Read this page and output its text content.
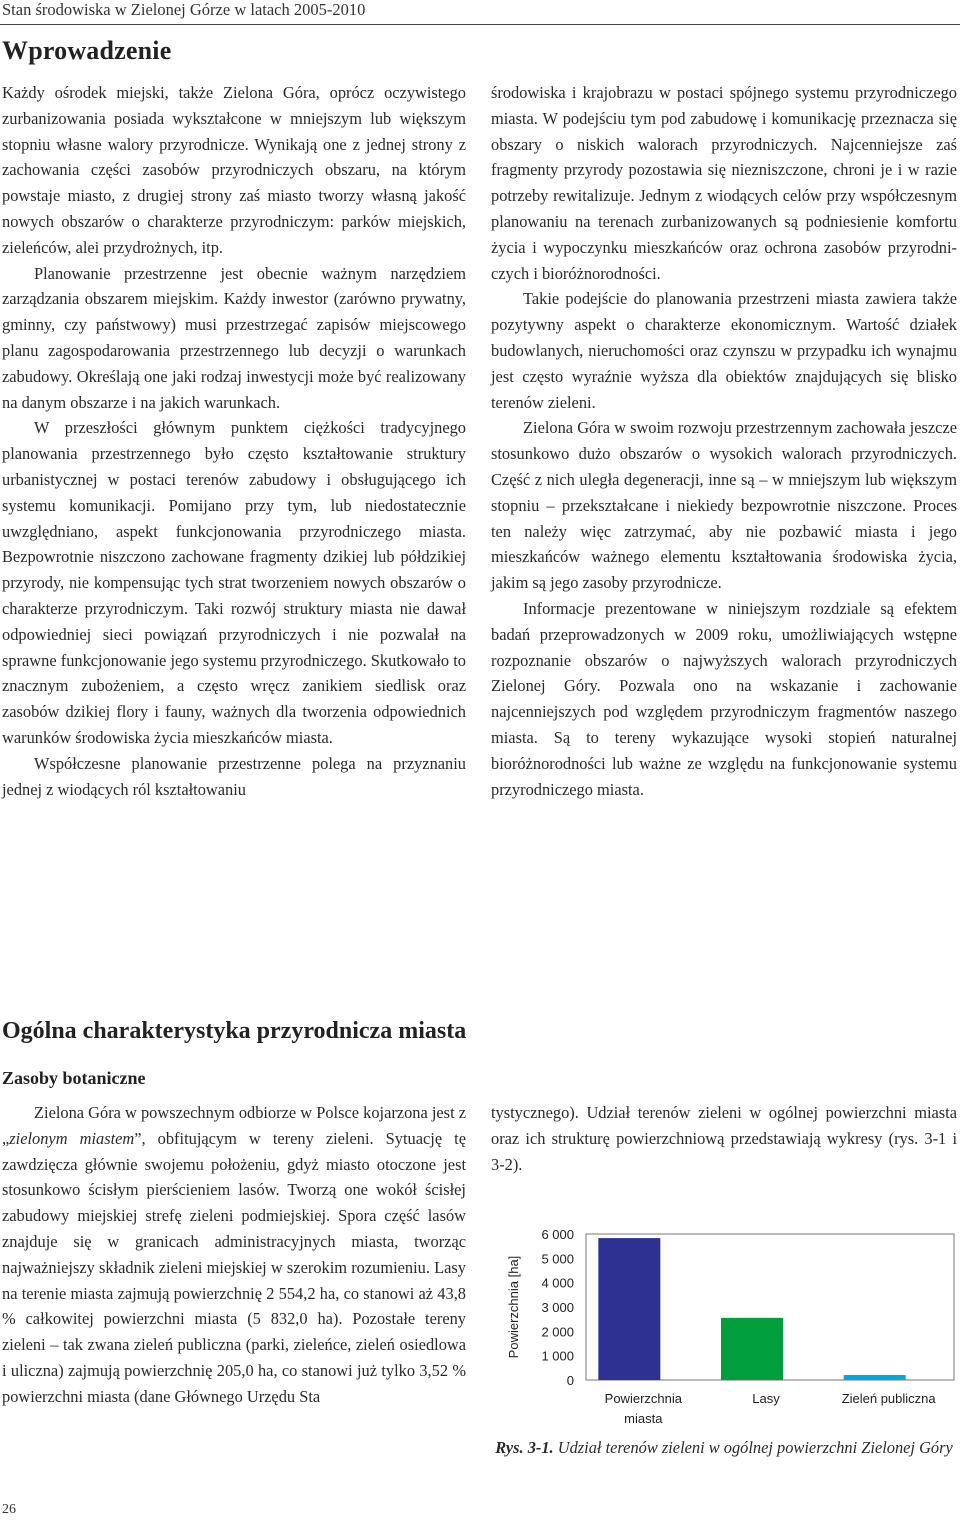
Stan środowiska w Zielonej Górze w latach 2005-2010
Wprowadzenie

Każdy ośrodek miejski, także Zielona Góra, oprócz oczywistego zurbanizowania posiada wykształcone w mniejszym lub większym stopniu własne walory przyrodnicze. Wynikają one z jednej strony z zachowania części zasobów przyrodniczych obszaru, na którym powstaje miasto, z drugiej strony zaś miasto tworzy własną jakość nowych obszarów o charakterze przyrodniczym: parków miejskich, zieleńców, alei przydrożnych, itp.

Planowanie przestrzenne jest obecnie ważnym narzędziem zarządzania obszarem miejskim. Każdy inwestor (zarówno prywatny, gminny, czy państwowy) musi przestrzegać zapisów miejscowego planu zagospodarowania przestrzennego lub decyzji o warunkach zabudowy. Określają one jaki rodzaj inwestycji może być realizowany na danym obszarze i na jakich warunkach.

W przeszłości głównym punktem ciężkości tradycyjnego planowania przestrzennego było często kształtowanie struktury urbanistycznej w postaci terenów zabudowy i obsługującego ich systemu komunikacji. Pomijano przy tym, lub niedostatecznie uwzględniano, aspekt funkcjonowania przyrodniczego miasta. Bezpowrotnie niszczono zachowane fragmenty dzikiej lub półdzikiej przyrody, nie kompensując tych strat tworzeniem nowych obszarów o charakterze przyrodniczym. Taki rozwój struktury miasta nie dawał odpowiedniej sieci powiązań przyrodniczych i nie pozwalał na sprawne funkcjonowanie jego systemu przyrodniczego. Skutkowało to znacznym zubożeniem, a często wręcz zanikiem siedlisk oraz zasobów dzikiej flory i fauny, ważnych dla tworzenia odpowiednich warunków środowiska życia mieszkańców miasta.

Współczesne planowanie przestrzenne polega na przyznaniu jednej z wiodących ról kształtowaniu

środowiska i krajobrazu w postaci spójnego systemu przyrodniczego miasta. W podejściu tym pod zabudowę i komunikację przeznacza się obszary o niskich walorach przyrodniczych. Najcenniejsze zaś fragmenty przyrody pozostawia się niezniszczone, chroni je i w razie potrzeby rewitalizuje. Jednym z wiodących celów przy współczesnym planowaniu na terenach zurbanizowanych są podniesienie komfortu życia i wypoczynku mieszkańców oraz ochrona zasobów przyrodniczych i bioróżnorodności.

Takie podejście do planowania przestrzeni miasta zawiera także pozytywny aspekt o charakterze ekonomicznym. Wartość działek budowlanych, nieruchomości oraz czynszu w przypadku ich wynajmu jest często wyraźnie wyższa dla obiektów znajdujących się blisko terenów zieleni.

Zielona Góra w swoim rozwoju przestrzennym zachowała jeszcze stosunkowo dużo obszarów o wysokich walorach przyrodniczych. Część z nich uległa degeneracji, inne są – w mniejszym lub większym stopniu – przekształcane i niekiedy bezpowrotnie niszczone. Proces ten należy więc zatrzymać, aby nie pozbawić miasta i jego mieszkańców ważnego elementu kształtowania środowiska życia, jakim są jego zasoby przyrodnicze.

Informacje prezentowane w niniejszym rozdziale są efektem badań przeprowadzonych w 2009 roku, umożliwiających wstępne rozpoznanie obszarów o najwyższych walorach przyrodniczych Zielonej Góry. Pozwala ono na wskazanie i zachowanie najcenniejszych pod względem przyrodniczym fragmentów naszego miasta. Są to tereny wykazujące wysoki stopień naturalnej bioróżnorodności lub ważne ze względu na funkcjonowanie systemu przyrodniczego miasta.

Ogólna charakterystyka przyrodnicza miasta
Zasoby botaniczne

Zielona Góra w powszechnym odbiorze w Polsce kojarzona jest z „zielonym miastem”, obfitującym w tereny zieleni. Sytuację tę zawdzięcza głównie swojemu położeniu, gdyż miasto otoczone jest stosunkowo ścisłym pierścieniem lasów. Tworzą one wokół ścisłej zabudowy miejskiej strefę zieleni podmiejskiej. Spora część lasów znajduje się w granicach administracyjnych miasta, tworząc najważniejszy składnik zieleni miejskiej w szerokim rozumieniu. Lasy na terenie miasta zajmują powierzchnię 2 554,2 ha, co stanowi aż 43,8 % całkowitej powierzchni miasta (5 832,0 ha). Pozostałe tereny zieleni – tak zwana zieleń publiczna (parki, zieleńce, zieleń osiedlowa i uliczna) zajmują powierzchnię 205,0 ha, co stanowi już tylko 3,52 % powierzchni miasta (dane Głównego Urzędu Sta

tystycznego). Udział terenów zieleni w ogólnej powierzchni miasta oraz ich strukturę powierzchniową przedstawiają wykresy (rys. 3-1 i 3-2).

0
1 000
2 000
3 000
4 000
5 000
6 000
Powierzchnia [ha]
Powierzchnia miasta
Lasy	Zieleń publiczna
Rys. 3-1. Udział terenów zieleni w ogólnej powierzchni Zielonej Góry
26
